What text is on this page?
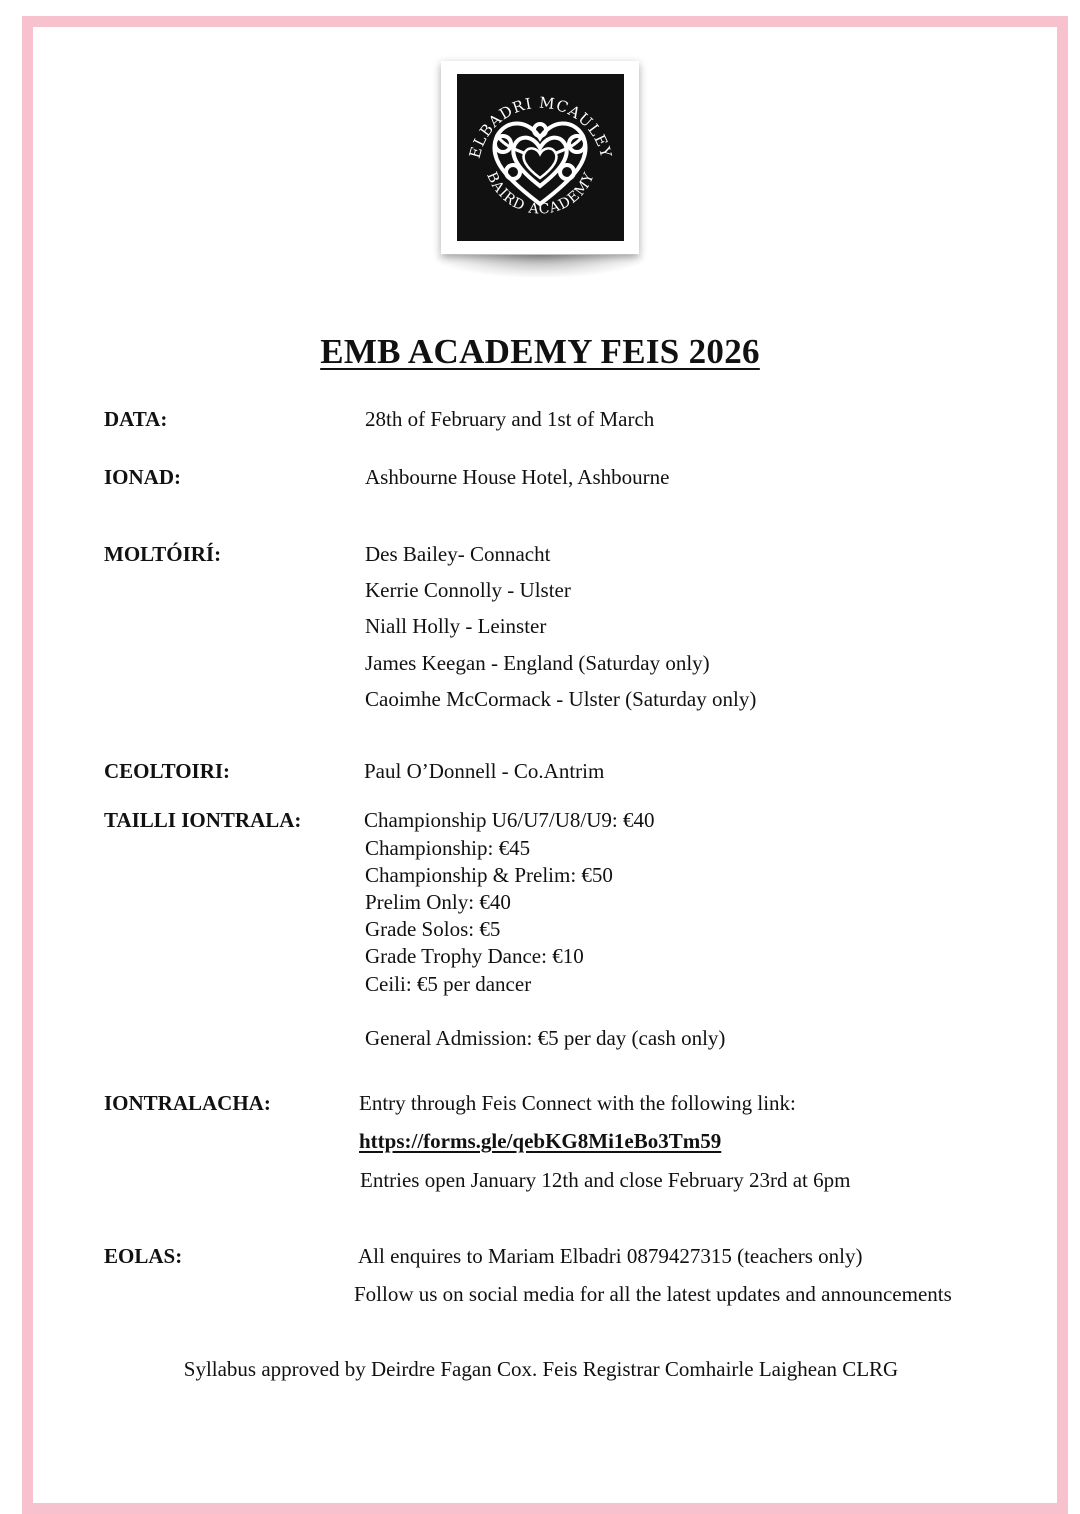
ELBADRI MCAULEY
BAIRD ACADEMY
EMB ACADEMY FEIS 2026
DATA:	28th of February and 1st of March
IONAD:	Ashbourne House Hotel, Ashbourne
MOLTÓIRÍ:	Des Bailey- Connacht
Kerrie Connolly - Ulster
Niall Holly - Leinster
James Keegan - England (Saturday only)
Caoimhe McCormack - Ulster (Saturday only)
CEOLTOIRI:	Paul O’Donnell - Co.Antrim
TAILLI IONTRALA:	Championship U6/U7/U8/U9: €40
Championship: €45
Championship & Prelim: €50
Prelim Only: €40
Grade Solos: €5
Grade Trophy Dance: €10
Ceili: €5 per dancer
General Admission: €5 per day (cash only)
IONTRALACHA:	Entry through Feis Connect with the following link:
https://forms.gle/qebKG8Mi1eBo3Tm59
Entries open January 12th and close February 23rd at 6pm
EOLAS:	All enquires to Mariam Elbadri 0879427315 (teachers only)
Follow us on social media for all the latest updates and announcements
Syllabus approved by Deirdre Fagan Cox. Feis Registrar Comhairle Laighean CLRG
